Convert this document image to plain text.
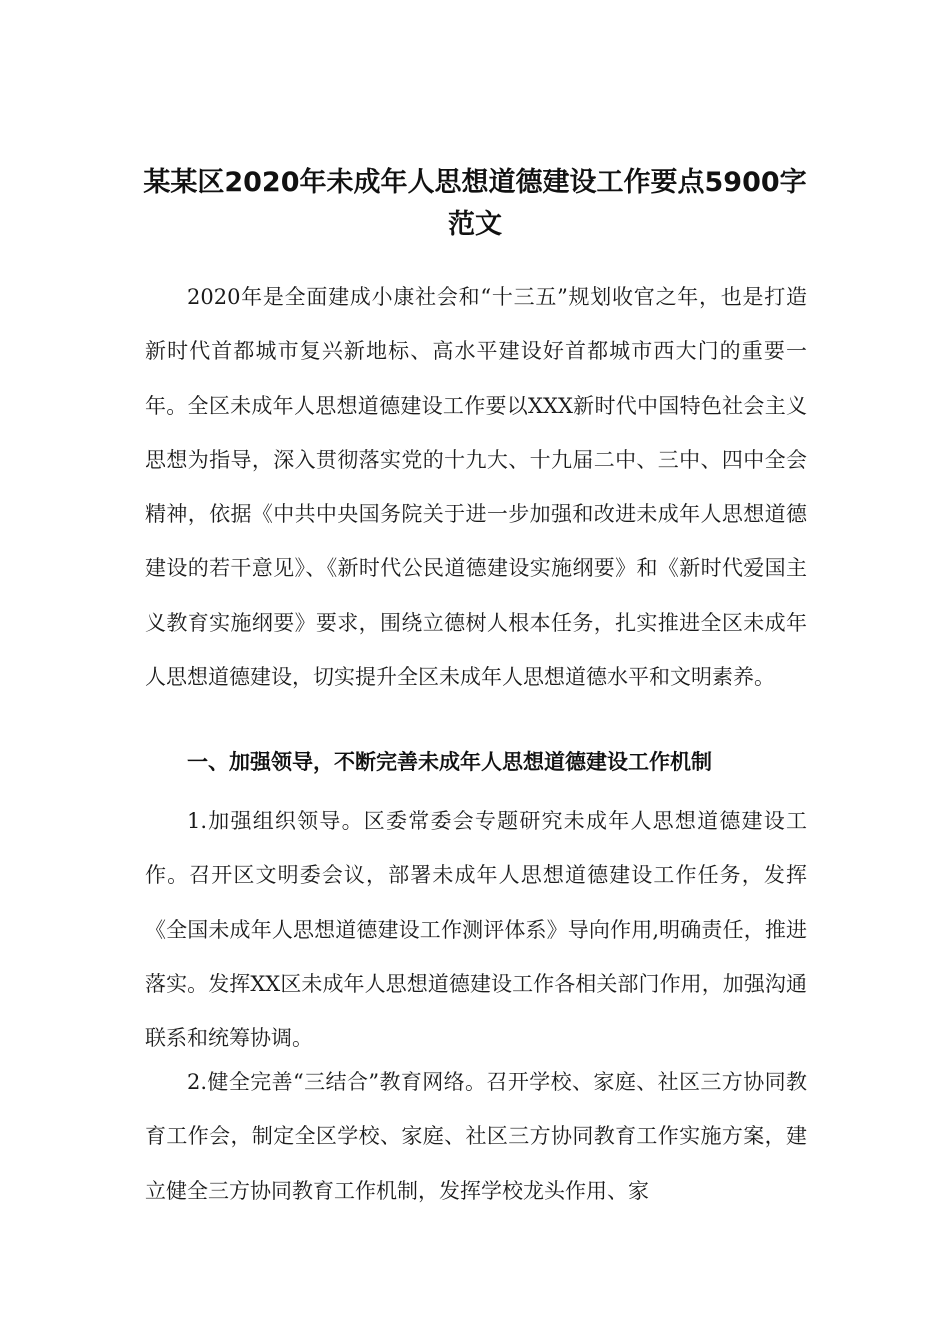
某某区2020年未成年人思想道德建设工作要点5900字范文

2020年是全面建成小康社会和“十三五”规划收官之年，也是打造新时代首都城市复兴新地标、高水平建设好首都城市西大门的重要一年。全区未成年人思想道德建设工作要以XXX新时代中国特色社会主义思想为指导，深入贯彻落实党的十九大、十九届二中、三中、四中全会精神，依据《中共中央国务院关于进一步加强和改进未成年人思想道德建设的若干意见》、《新时代公民道德建设实施纲要》和《新时代爱国主义教育实施纲要》要求，围绕立德树人根本任务，扎实推进全区未成年人思想道德建设，切实提升全区未成年人思想道德水平和文明素养。

一、加强领导，不断完善未成年人思想道德建设工作机制

1.加强组织领导。区委常委会专题研究未成年人思想道德建设工作。召开区文明委会议，部署未成年人思想道德建设工作任务，发挥《全国未成年人思想道德建设工作测评体系》导向作用,明确责任，推进落实。发挥XX区未成年人思想道德建设工作各相关部门作用，加强沟通联系和统筹协调。

2.健全完善“三结合”教育网络。召开学校、家庭、社区三方协同教育工作会，制定全区学校、家庭、社区三方协同教育工作实施方案，建立健全三方协同教育工作机制，发挥学校龙头作用、家
